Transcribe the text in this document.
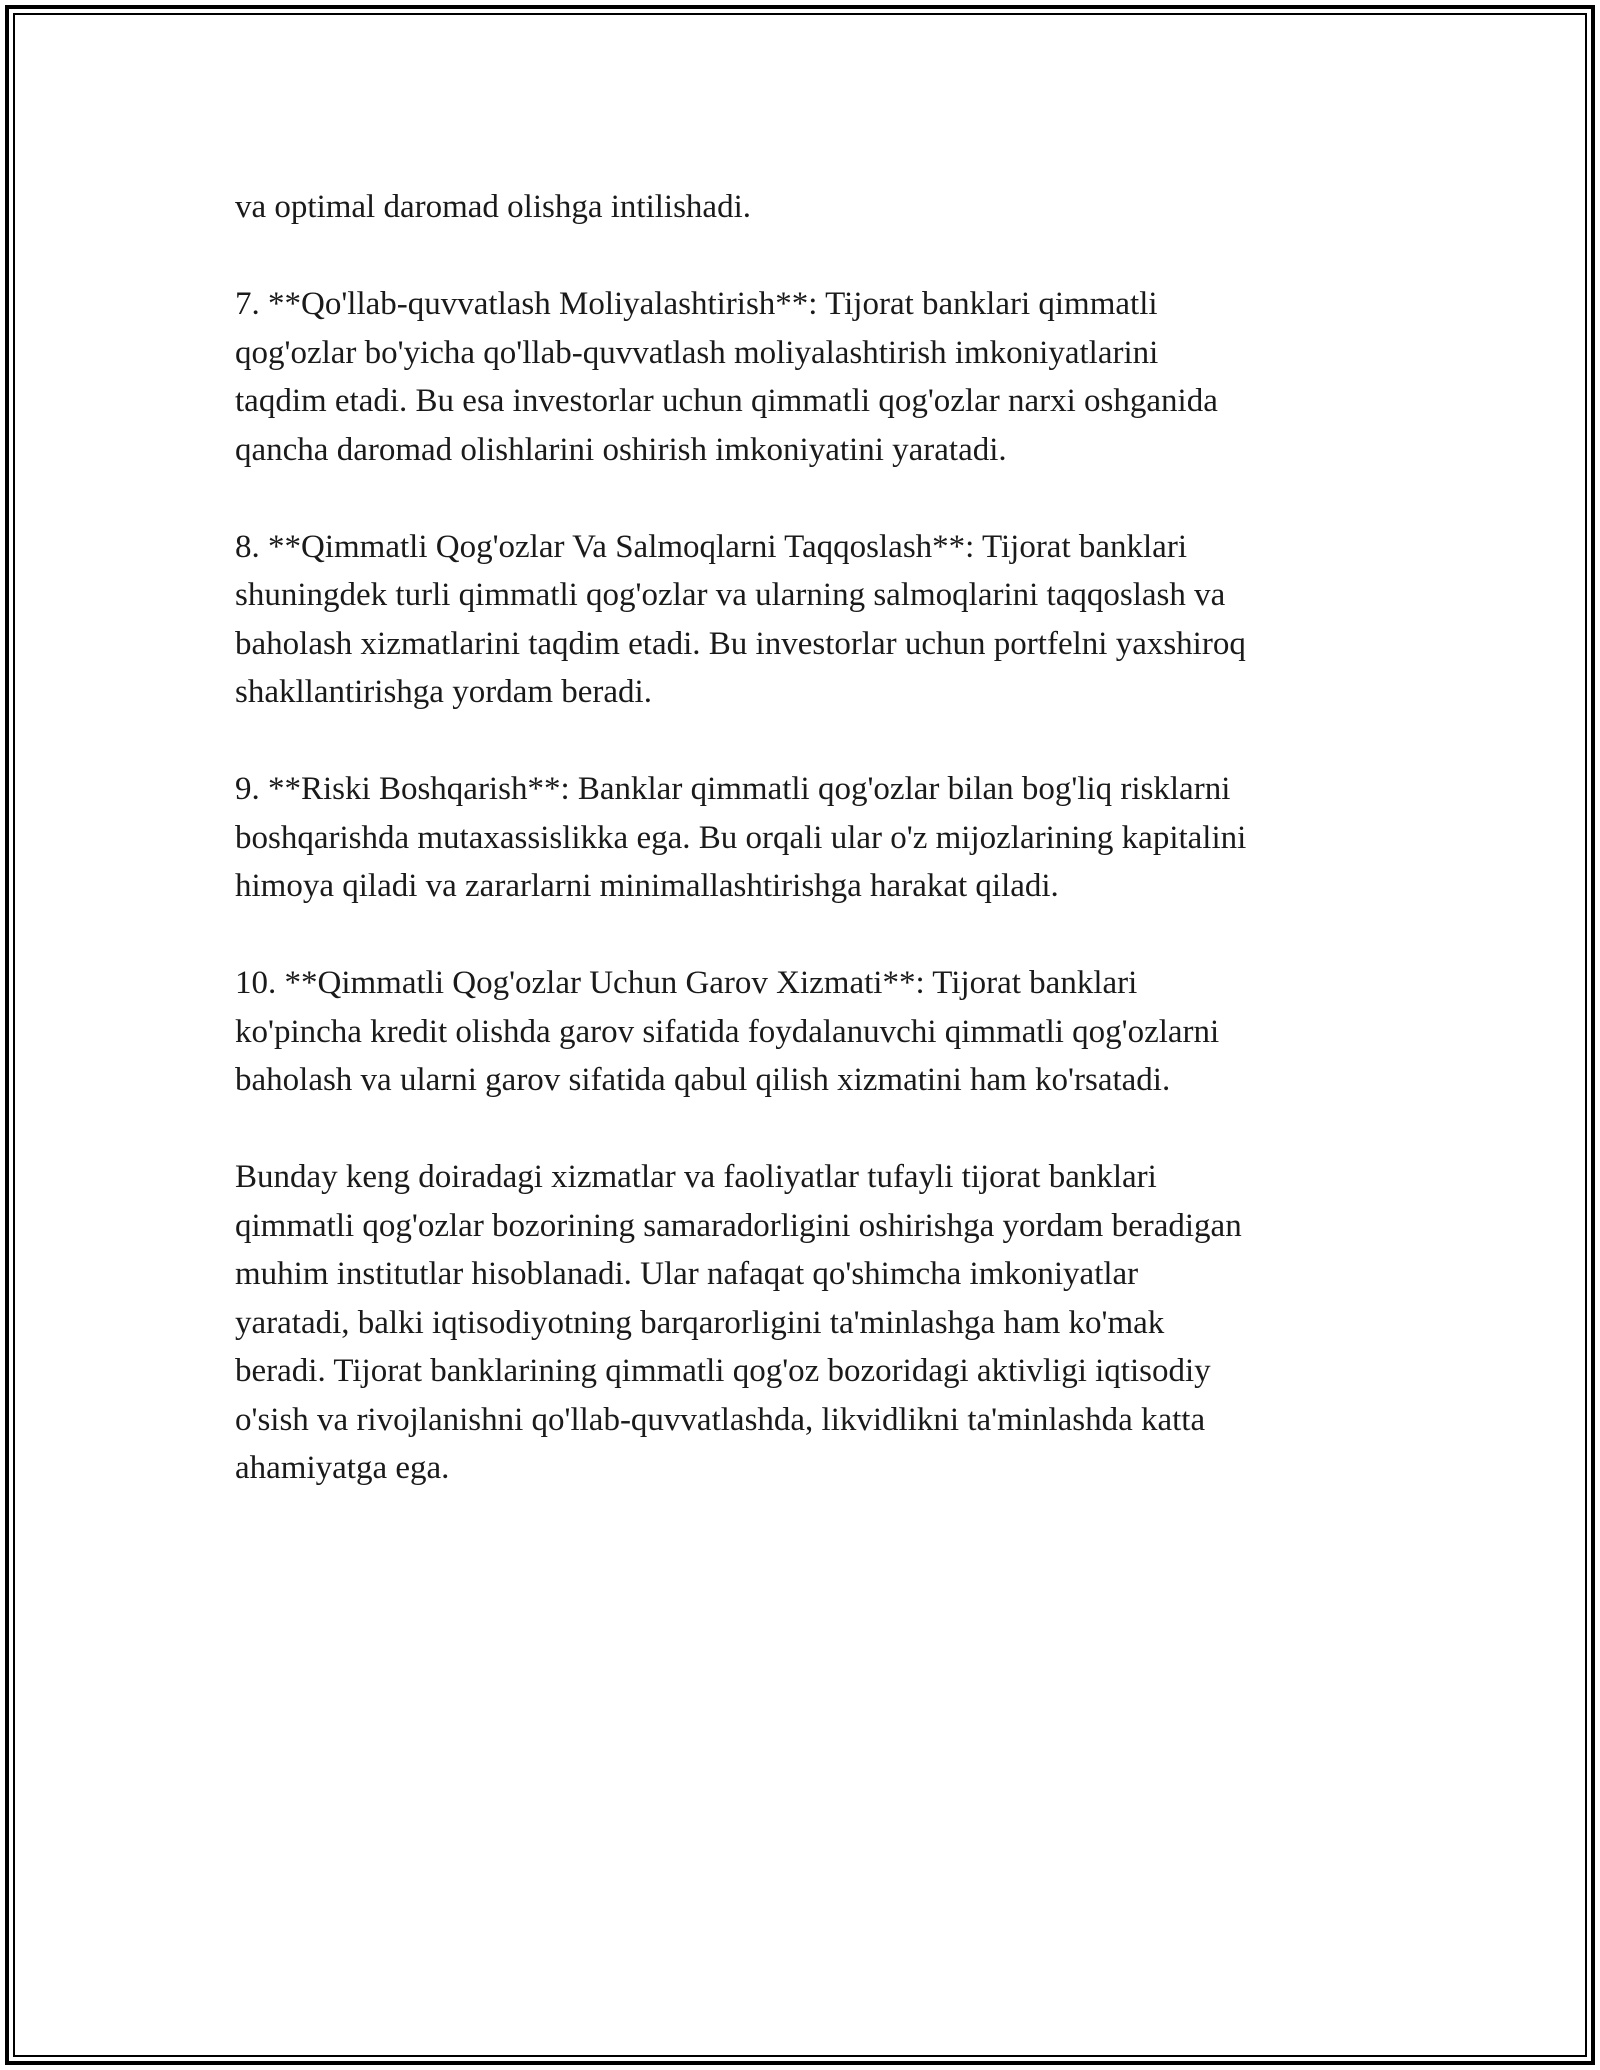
va optimal daromad olishga intilishadi.

7. **Qo'llab-quvvatlash Moliyalashtirish**: Tijorat banklari qimmatli
qog'ozlar bo'yicha qo'llab-quvvatlash moliyalashtirish imkoniyatlarini
taqdim etadi. Bu esa investorlar uchun qimmatli qog'ozlar narxi oshganida
qancha daromad olishlarini oshirish imkoniyatini yaratadi.

8. **Qimmatli Qog'ozlar Va Salmoqlarni Taqqoslash**: Tijorat banklari
shuningdek turli qimmatli qog'ozlar va ularning salmoqlarini taqqoslash va
baholash xizmatlarini taqdim etadi. Bu investorlar uchun portfelni yaxshiroq
shakllantirishga yordam beradi.

9. **Riski Boshqarish**: Banklar qimmatli qog'ozlar bilan bog'liq risklarni
boshqarishda mutaxassislikka ega. Bu orqali ular o'z mijozlarining kapitalini
himoya qiladi va zararlarni minimallashtirishga harakat qiladi.

10. **Qimmatli Qog'ozlar Uchun Garov Xizmati**: Tijorat banklari
ko'pincha kredit olishda garov sifatida foydalanuvchi qimmatli qog'ozlarni
baholash va ularni garov sifatida qabul qilish xizmatini ham ko'rsatadi.

Bunday keng doiradagi xizmatlar va faoliyatlar tufayli tijorat banklari
qimmatli qog'ozlar bozorining samaradorligini oshirishga yordam beradigan
muhim institutlar hisoblanadi. Ular nafaqat qo'shimcha imkoniyatlar
yaratadi, balki iqtisodiyotning barqarorligini ta'minlashga ham ko'mak
beradi. Tijorat banklarining qimmatli qog'oz bozoridagi aktivligi iqtisodiy
o'sish va rivojlanishni qo'llab-quvvatlashda, likvidlikni ta'minlashda katta
ahamiyatga ega.
